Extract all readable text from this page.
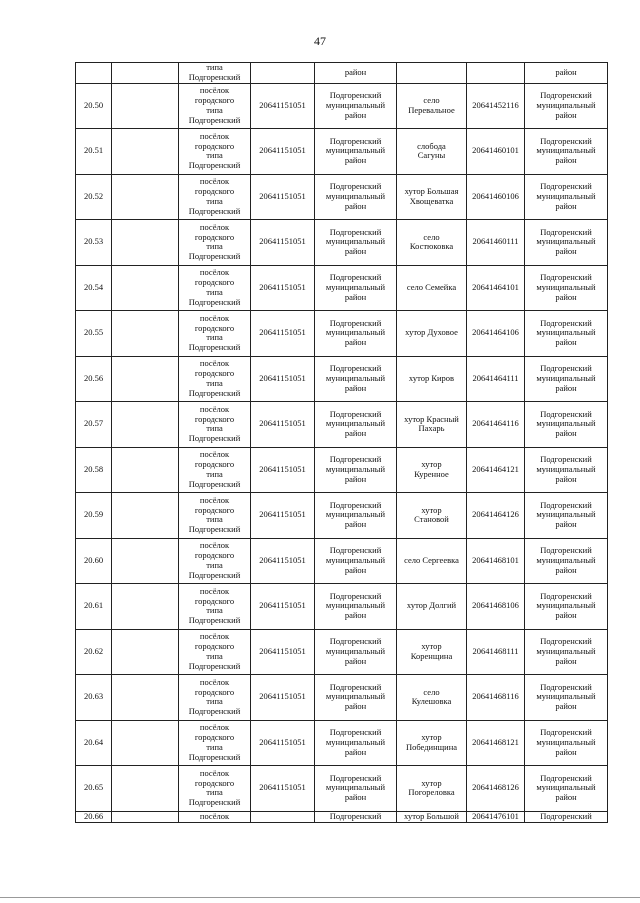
47

		типа
Подгоренский		район			район
20.50		посёлок
городского
типа
Подгоренский	20641151051	Подгоренский
муниципальный
район	село
Перевальное	20641452116	Подгоренский
муниципальный
район

20.51		посёлок
городского
типа
Подгоренский	20641151051	Подгоренский
муниципальный
район	слобода
Сагуны	20641460101	Подгоренский
муниципальный
район

20.52		посёлок
городского
типа
Подгоренский	20641151051	Подгоренский
муниципальный
район	хутор Большая
Хвощеватка	20641460106	Подгоренский
муниципальный
район

20.53		посёлок
городского
типа
Подгоренский	20641151051	Подгоренский
муниципальный
район	село
Костюковка	20641460111	Подгоренский
муниципальный
район

20.54		посёлок
городского
типа
Подгоренский	20641151051	Подгоренский
муниципальный
район	село Семейка	20641464101	Подгоренский
муниципальный
район

20.55		посёлок
городского
типа
Подгоренский	20641151051	Подгоренский
муниципальный
район	хутор Духовое	20641464106	Подгоренский
муниципальный
район

20.56		посёлок
городского
типа
Подгоренский	20641151051	Подгоренский
муниципальный
район	хутор Киров	20641464111	Подгоренский
муниципальный
район

20.57		посёлок
городского
типа
Подгоренский	20641151051	Подгоренский
муниципальный
район	хутор Красный
Пахарь	20641464116	Подгоренский
муниципальный
район

20.58		посёлок
городского
типа
Подгоренский	20641151051	Подгоренский
муниципальный
район	хутор
Куренное	20641464121	Подгоренский
муниципальный
район

20.59		посёлок
городского
типа
Подгоренский	20641151051	Подгоренский
муниципальный
район	хутор
Становой	20641464126	Подгоренский
муниципальный
район

20.60		посёлок
городского
типа
Подгоренский	20641151051	Подгоренский
муниципальный
район	село Сергеевка	20641468101	Подгоренский
муниципальный
район

20.61		посёлок
городского
типа
Подгоренский	20641151051	Подгоренский
муниципальный
район	хутор Долгий	20641468106	Подгоренский
муниципальный
район

20.62		посёлок
городского
типа
Подгоренский	20641151051	Подгоренский
муниципальный
район	хутор
Коренщина	20641468111	Подгоренский
муниципальный
район

20.63		посёлок
городского
типа
Подгоренский	20641151051	Подгоренский
муниципальный
район	село
Кулешовка	20641468116	Подгоренский
муниципальный
район

20.64		посёлок
городского
типа
Подгоренский	20641151051	Подгоренский
муниципальный
район	хутор
Побединщина	20641468121	Подгоренский
муниципальный
район

20.65		посёлок
городского
типа
Подгоренский	20641151051	Подгоренский
муниципальный
район	хутор
Погореловка	20641468126	Подгоренский
муниципальный
район

20.66		посёлок		Подгоренский	хутор Большой	20641476101	Подгоренский
